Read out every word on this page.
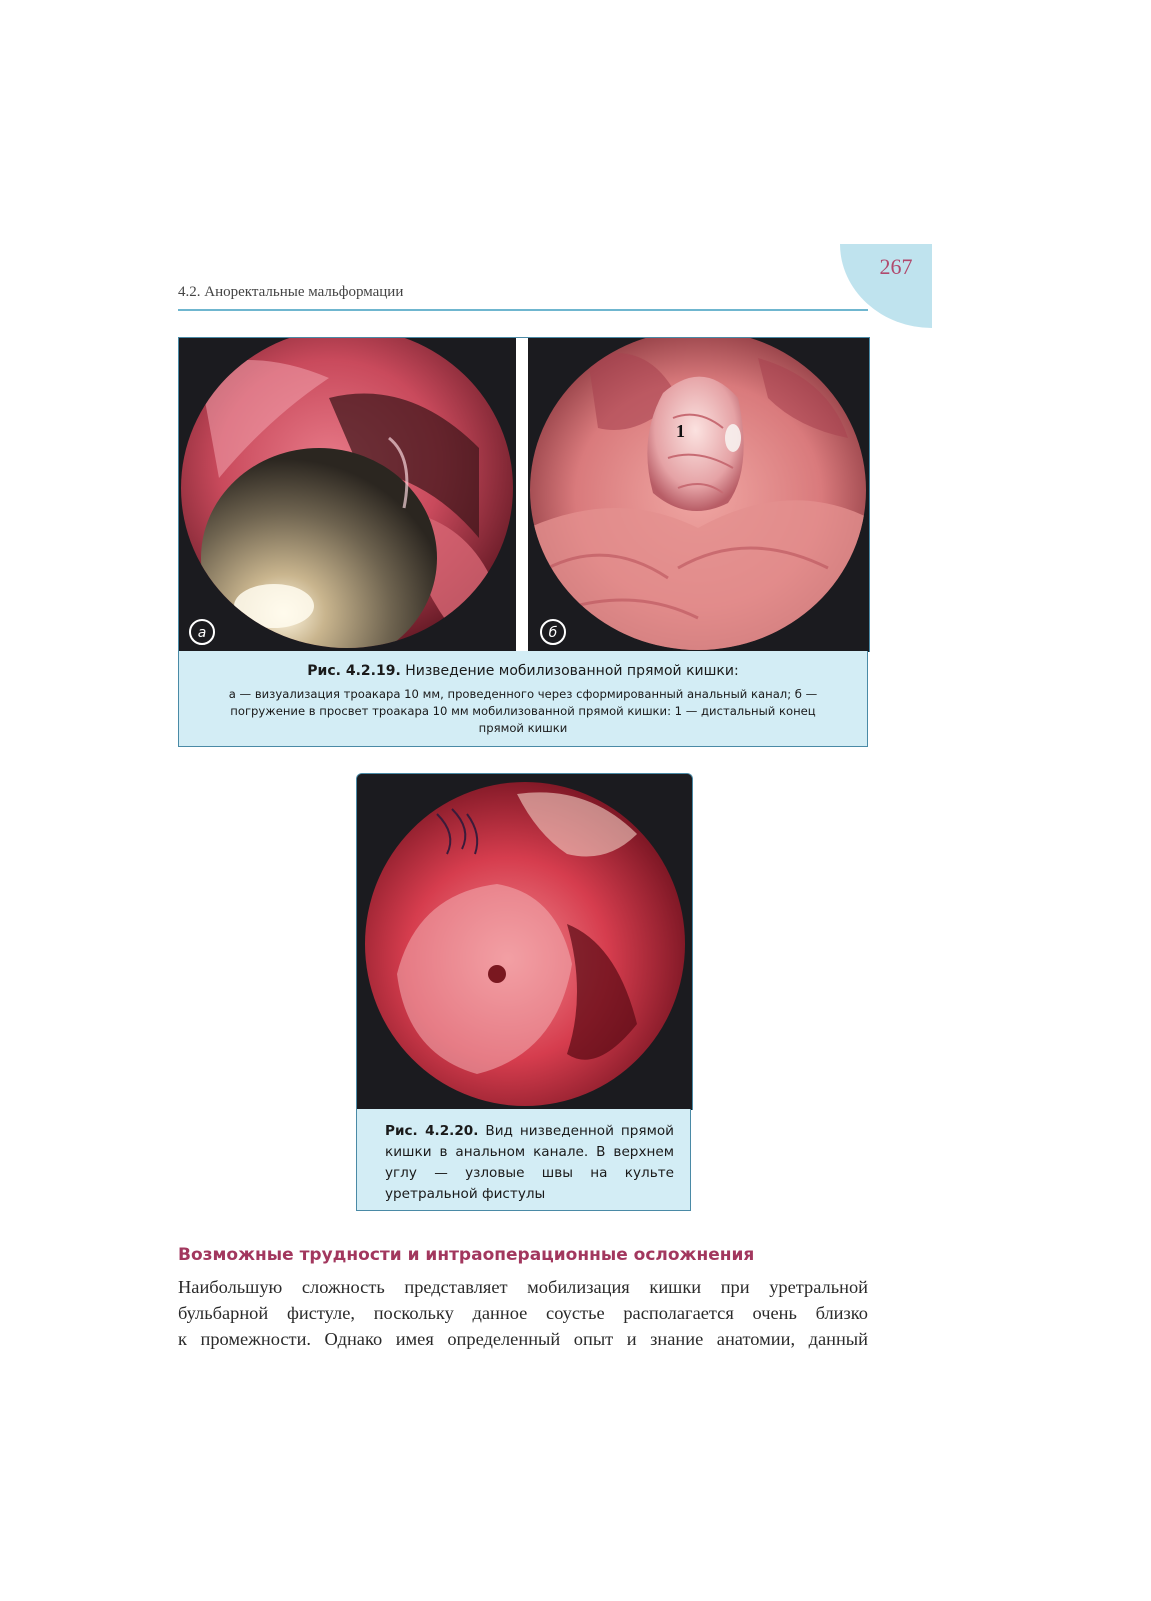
267
4.2. Аноректальные мальформации
а
1
б
Рис. 4.2.19. Низведение мобилизованной прямой кишки:
а — визуализация троакара 10 мм, проведенного через сформированный анальный канал; б —
погружение в просвет троакара 10 мм мобилизованной прямой кишки: 1 — дистальный конец
прямой кишки
Рис. 4.2.20. Вид низведенной прямой кишки в анальном канале. В верхнем углу — узловые швы на культе уретральной фистулы
Возможные трудности и интраоперационные осложнения
Наибольшую сложность представляет мобилизация кишки при уретральной
бульбарной фистуле, поскольку данное соустье располагается очень близко
к промежности. Однако имея определенный опыт и знание анатомии, данный
